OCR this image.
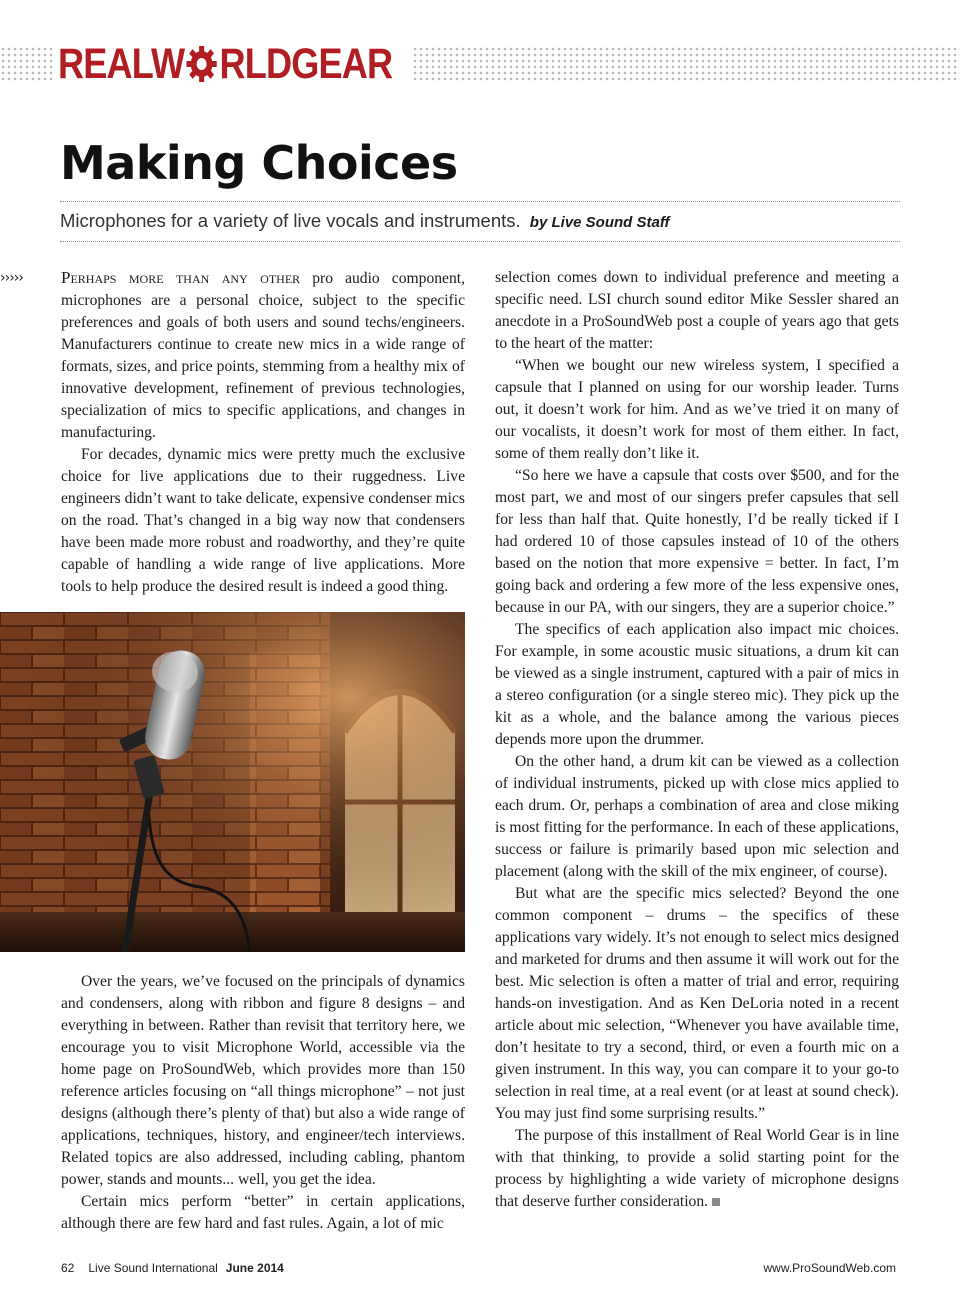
REALW RLDGEAR
Making Choices
Microphones for a variety of live vocals and instruments. by Live Sound Staff
››››› Perhaps more than any other pro audio component, microphones are a personal choice, subject to the specific preferences and goals of both users and sound techs/engineers. Manufacturers continue to create new mics in a wide range of formats, sizes, and price points, stemming from a healthy mix of innovative development, refinement of previous technologies, specialization of mics to specific applications, and changes in manufacturing.

For decades, dynamic mics were pretty much the exclusive choice for live applications due to their ruggedness. Live engineers didn’t want to take delicate, expensive condenser mics on the road. That’s changed in a big way now that condensers have been made more robust and roadworthy, and they’re quite capable of handling a wide range of live applications. More tools to help produce the desired result is indeed a good thing.

Over the years, we’ve focused on the principals of dynamics and condensers, along with ribbon and figure 8 designs – and everything in between. Rather than revisit that territory here, we encourage you to visit Microphone World, accessible via the home page on ProSoundWeb, which provides more than 150 reference articles focusing on “all things microphone” – not just designs (although there’s plenty of that) but also a wide range of applications, techniques, history, and engineer/tech interviews. Related topics are also addressed, including cabling, phantom power, stands and mounts... well, you get the idea.

Certain mics perform “better” in certain applications, although there are few hard and fast rules. Again, a lot of mic

selection comes down to individual preference and meeting a specific need. LSI church sound editor Mike Sessler shared an anecdote in a ProSoundWeb post a couple of years ago that gets to the heart of the matter:

“When we bought our new wireless system, I specified a capsule that I planned on using for our worship leader. Turns out, it doesn’t work for him. And as we’ve tried it on many of our vocalists, it doesn’t work for most of them either. In fact, some of them really don’t like it.

“So here we have a capsule that costs over $500, and for the most part, we and most of our singers prefer capsules that sell for less than half that. Quite honestly, I’d be really ticked if I had ordered 10 of those capsules instead of 10 of the others based on the notion that more expensive = better. In fact, I’m going back and ordering a few more of the less expensive ones, because in our PA, with our singers, they are a superior choice.”

The specifics of each application also impact mic choices. For example, in some acoustic music situations, a drum kit can be viewed as a single instrument, captured with a pair of mics in a stereo configuration (or a single stereo mic). They pick up the kit as a whole, and the balance among the various pieces depends more upon the drummer.

On the other hand, a drum kit can be viewed as a collection of individual instruments, picked up with close mics applied to each drum. Or, perhaps a combination of area and close miking is most fitting for the performance. In each of these applications, success or failure is primarily based upon mic selection and placement (along with the skill of the mix engineer, of course).

But what are the specific mics selected? Beyond the one common component – drums – the specifics of these applications vary widely. It’s not enough to select mics designed and marketed for drums and then assume it will work out for the best. Mic selection is often a matter of trial and error, requiring hands-on investigation. And as Ken DeLoria noted in a recent article about mic selection, “Whenever you have available time, don’t hesitate to try a second, third, or even a fourth mic on a given instrument. In this way, you can compare it to your go-to selection in real time, at a real event (or at least at sound check). You may just find some surprising results.”

The purpose of this installment of Real World Gear is in line with that thinking, to provide a solid starting point for the process by highlighting a wide variety of microphone designs that deserve further consideration.

62 Live Sound International June 2014	www.ProSoundWeb.com
